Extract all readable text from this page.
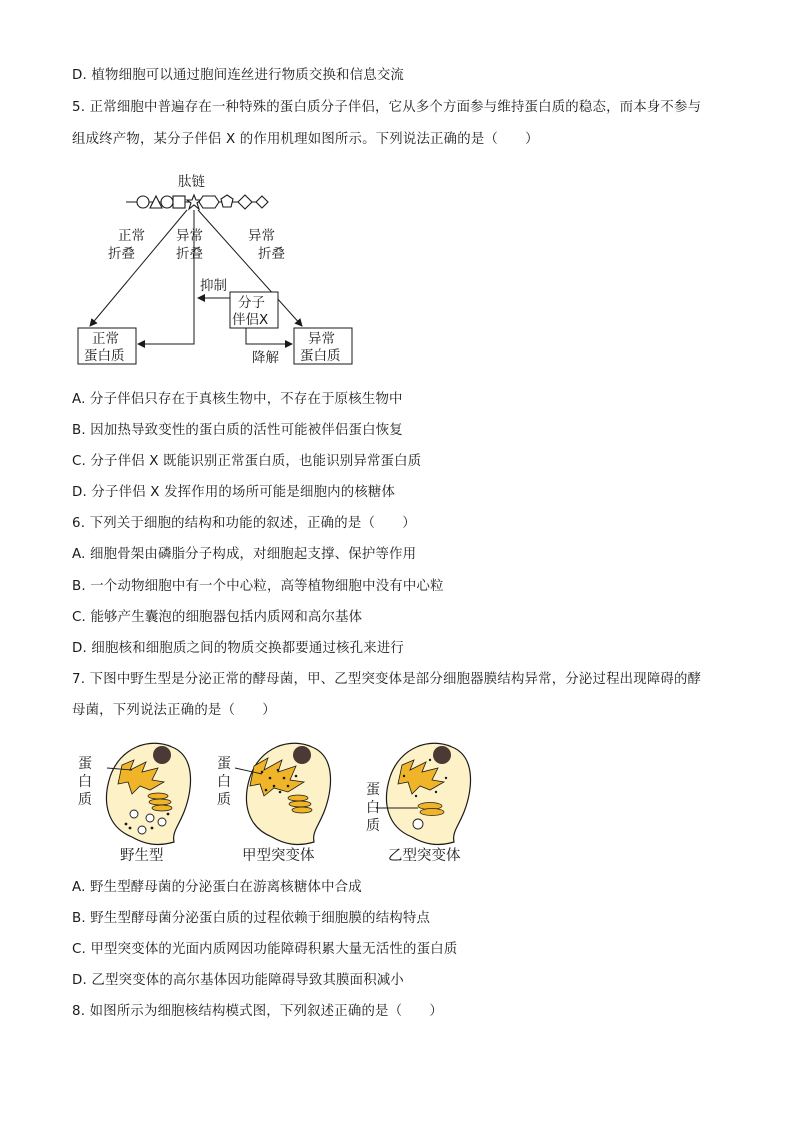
D. 植物细胞可以通过胞间连丝进行物质交换和信息交流
5. 正常细胞中普遍存在一种特殊的蛋白质分子伴侣，它从多个方面参与维持蛋白质的稳态，而本身不参与
组成终产物，某分子伴侣 X 的作用机理如图所示。下列说法正确的是（　　）
肽链
正常
折叠
异常
折叠
异常
折叠
抑制
降解
分子
伴侣X
正常
蛋白质
异常
蛋白质
A. 分子伴侣只存在于真核生物中，不存在于原核生物中
B. 因加热导致变性的蛋白质的活性可能被伴侣蛋白恢复
C. 分子伴侣 X 既能识别正常蛋白质，也能识别异常蛋白质
D. 分子伴侣 X 发挥作用的场所可能是细胞内的核糖体
6. 下列关于细胞的结构和功能的叙述，正确的是（　　）
A. 细胞骨架由磷脂分子构成，对细胞起支撑、保护等作用
B. 一个动物细胞中有一个中心粒，高等植物细胞中没有中心粒
C. 能够产生囊泡的细胞器包括内质网和高尔基体
D. 细胞核和细胞质之间的物质交换都要通过核孔来进行
7. 下图中野生型是分泌正常的酵母菌，甲、乙型突变体是部分细胞器膜结构异常，分泌过程出现障碍的酵
母菌，下列说法正确的是（　　）
蛋
白
质
野生型
蛋
白
质
甲型突变体
蛋
白
质
乙型突变体
A. 野生型酵母菌的分泌蛋白在游离核糖体中合成
B. 野生型酵母菌分泌蛋白质的过程依赖于细胞膜的结构特点
C. 甲型突变体的光面内质网因功能障碍积累大量无活性的蛋白质
D. 乙型突变体的高尔基体因功能障碍导致其膜面积减小
8. 如图所示为细胞核结构模式图，下列叙述正确的是（　　）
